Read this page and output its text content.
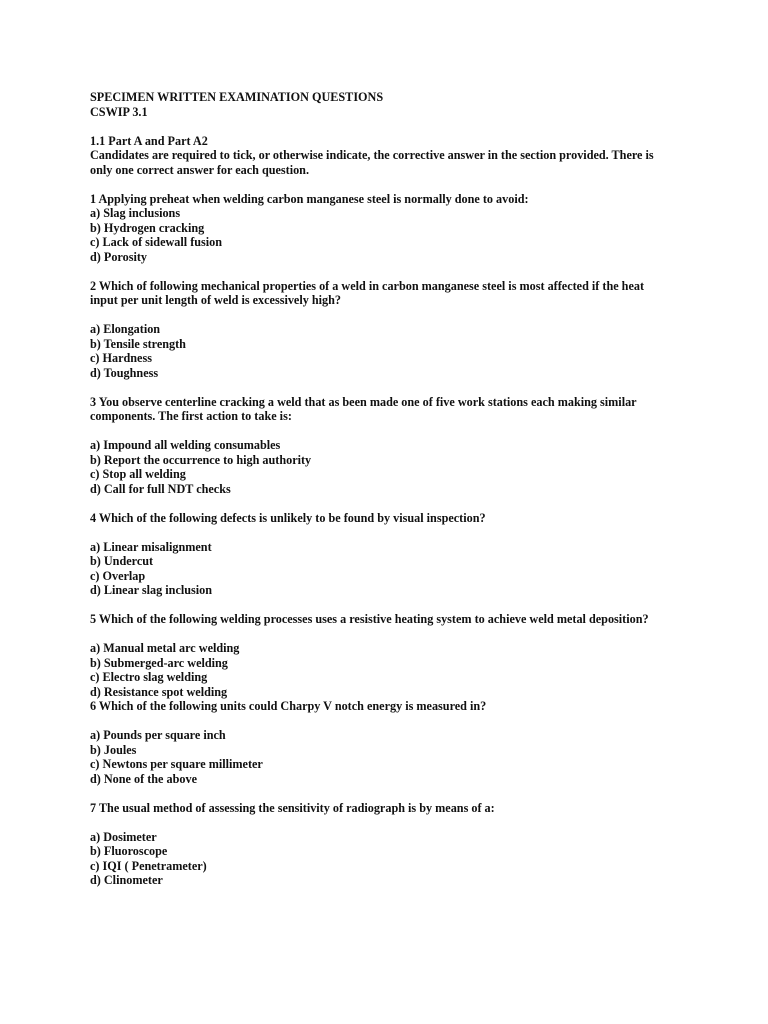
SPECIMEN WRITTEN EXAMINATION QUESTIONS
CSWIP 3.1
1.1 Part A and Part A2
Candidates are required to tick, or otherwise indicate, the corrective answer in the section provided. There is
only one correct answer for each question.
1 Applying preheat when welding carbon manganese steel is normally done to avoid:
a) Slag inclusions
b) Hydrogen cracking
c) Lack of sidewall fusion
d) Porosity
2 Which of following mechanical properties of a weld in carbon manganese steel is most affected if the heat
input per unit length of weld is excessively high?
a) Elongation
b) Tensile strength
c) Hardness
d) Toughness
3 You observe centerline cracking a weld that as been made one of five work stations each making similar
components. The first action to take is:
a) Impound all welding consumables
b) Report the occurrence to high authority
c) Stop all welding
d) Call for full NDT checks
4 Which of the following defects is unlikely to be found by visual inspection?
a) Linear misalignment
b) Undercut
c) Overlap
d) Linear slag inclusion
5 Which of the following welding processes uses a resistive heating system to achieve weld metal deposition?
a) Manual metal arc welding
b) Submerged-arc welding
c) Electro slag welding
d) Resistance spot welding
6 Which of the following units could Charpy V notch energy is measured in?
a) Pounds per square inch
b) Joules
c) Newtons per square millimeter
d) None of the above
7 The usual method of assessing the sensitivity of radiograph is by means of a:
a) Dosimeter
b) Fluoroscope
c) IQI ( Penetrameter)
d) Clinometer
